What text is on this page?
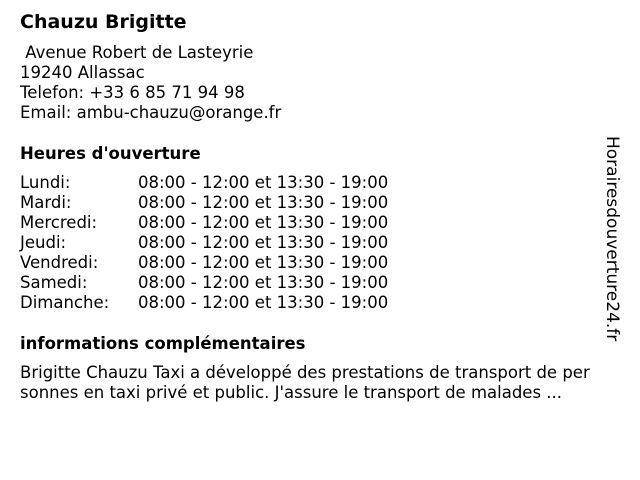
Chauzu Brigitte
Avenue Robert de Lasteyrie
19240 Allassac
Telefon: +33 6 85 71 94 98
Email: ambu-chauzu@orange.fr
Heures d'ouverture
Lundi:	08:00 - 12:00 et 13:30 - 19:00
Mardi:	08:00 - 12:00 et 13:30 - 19:00
Mercredi:	08:00 - 12:00 et 13:30 - 19:00
Jeudi:	08:00 - 12:00 et 13:30 - 19:00
Vendredi:	08:00 - 12:00 et 13:30 - 19:00
Samedi:	08:00 - 12:00 et 13:30 - 19:00
Dimanche:	08:00 - 12:00 et 13:30 - 19:00
informations complémentaires
Brigitte Chauzu Taxi a développé des prestations de transport de per
sonnes en taxi privé et public. J'assure le transport de malades ...
Horairesdouverture24.fr
